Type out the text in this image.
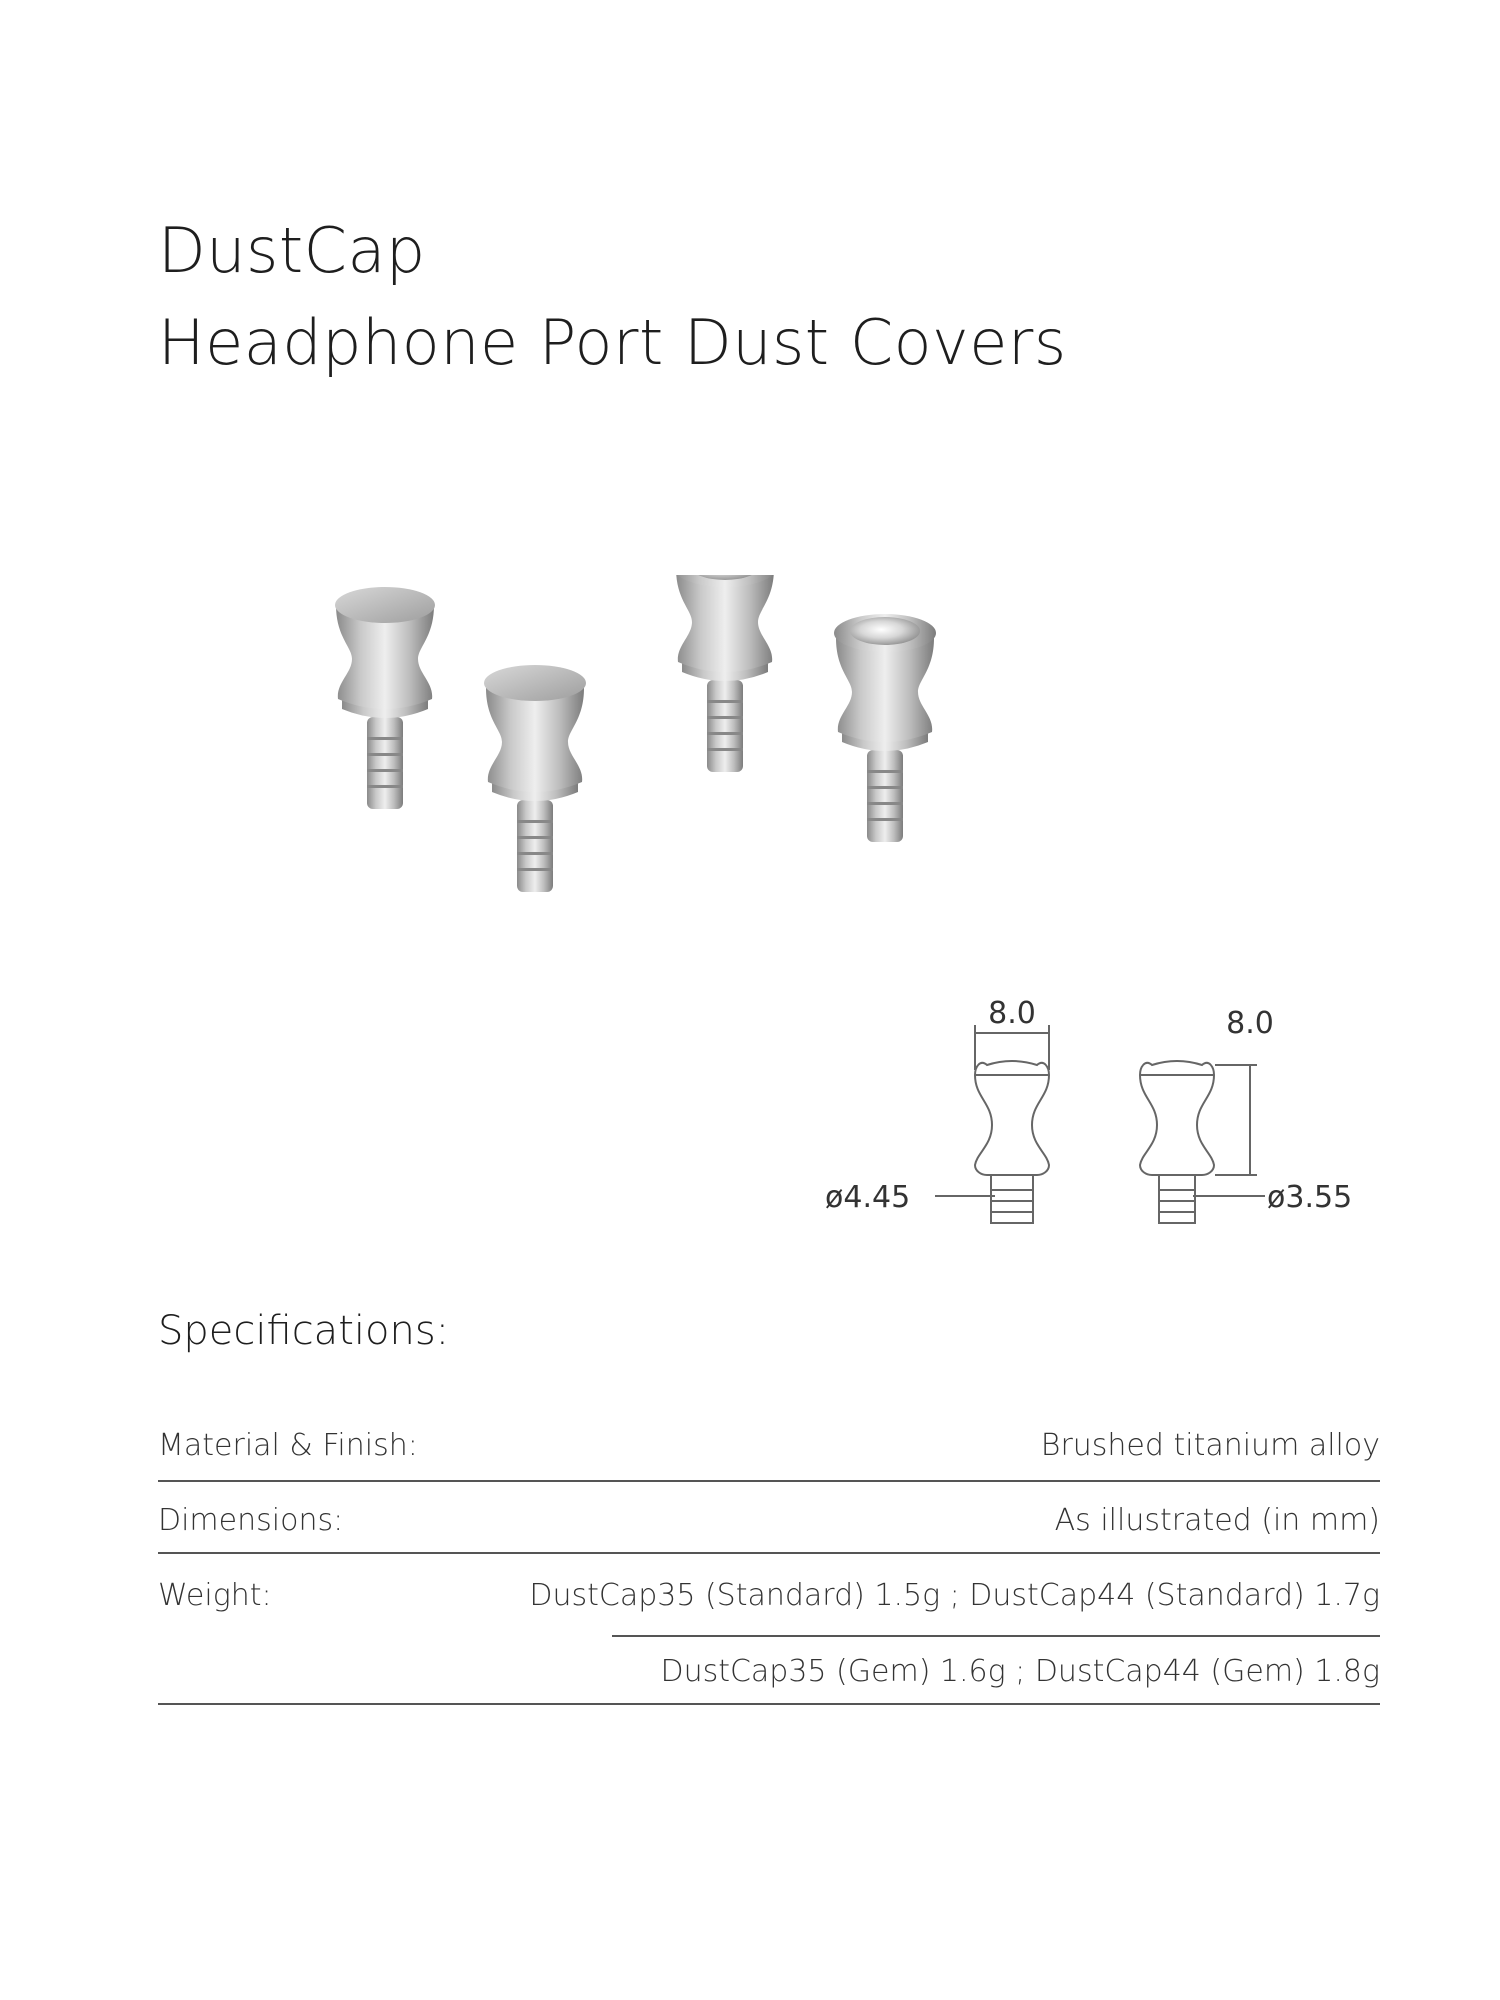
DustCap
Headphone Port Dust Covers
8.0
ø4.45
8.0
ø3.55
Specifications:
Material & Finish:	Brushed titanium alloy
Dimensions:	As illustrated (in mm)
Weight:	DustCap35 (Standard) 1.5g ; DustCap44 (Standard) 1.7g
DustCap35 (Gem) 1.6g ; DustCap44 (Gem) 1.8g
